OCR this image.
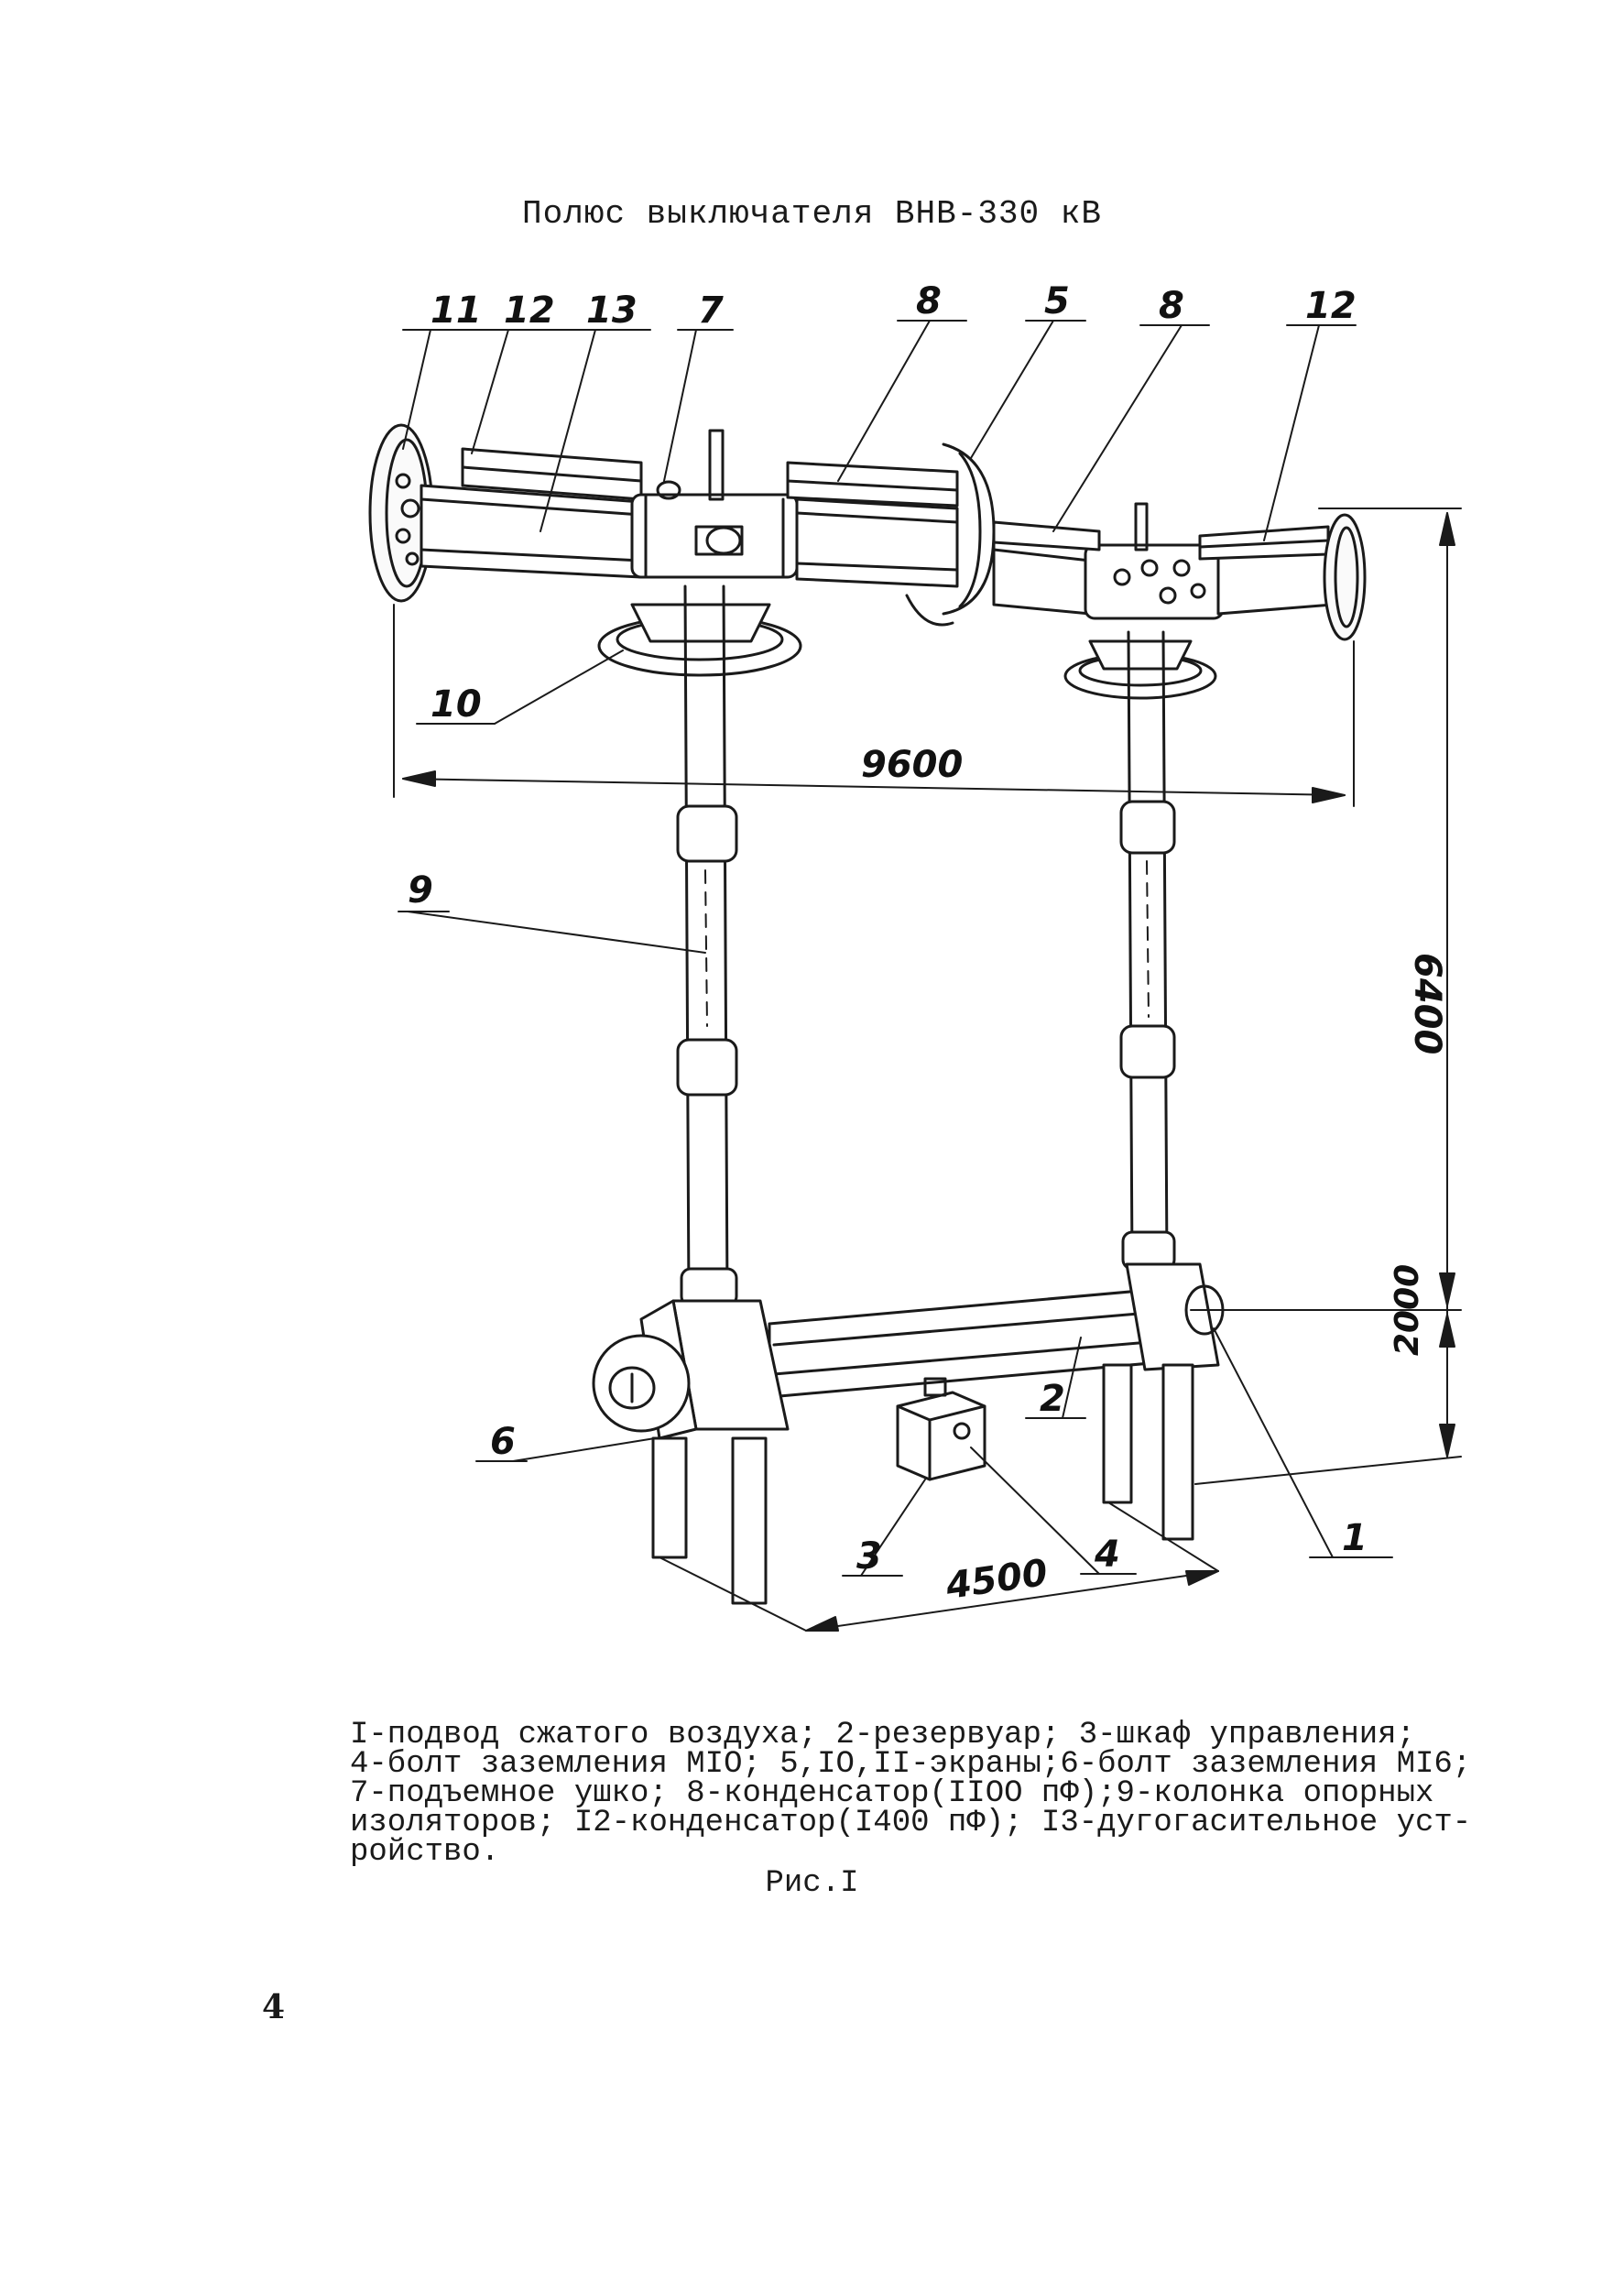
Полюс выключателя ВНВ-330 кВ
11 12 13 7	8	5 8	12
10
9
6
3	4
2
1
9600
6400
2000
4500
I-подвод сжатого воздуха; 2-резервуар; 3-шкаф управления;
4-болт заземления MIO; 5,IO,II-экраны;6-болт заземления MI6;
7-подъемное ушко; 8-конденсатор(IIOO пФ);9-колонка опорных
изоляторов; I2-конденсатор(I400 пФ); I3-дугогасительное уст-
ройство.
Рис.I
4
